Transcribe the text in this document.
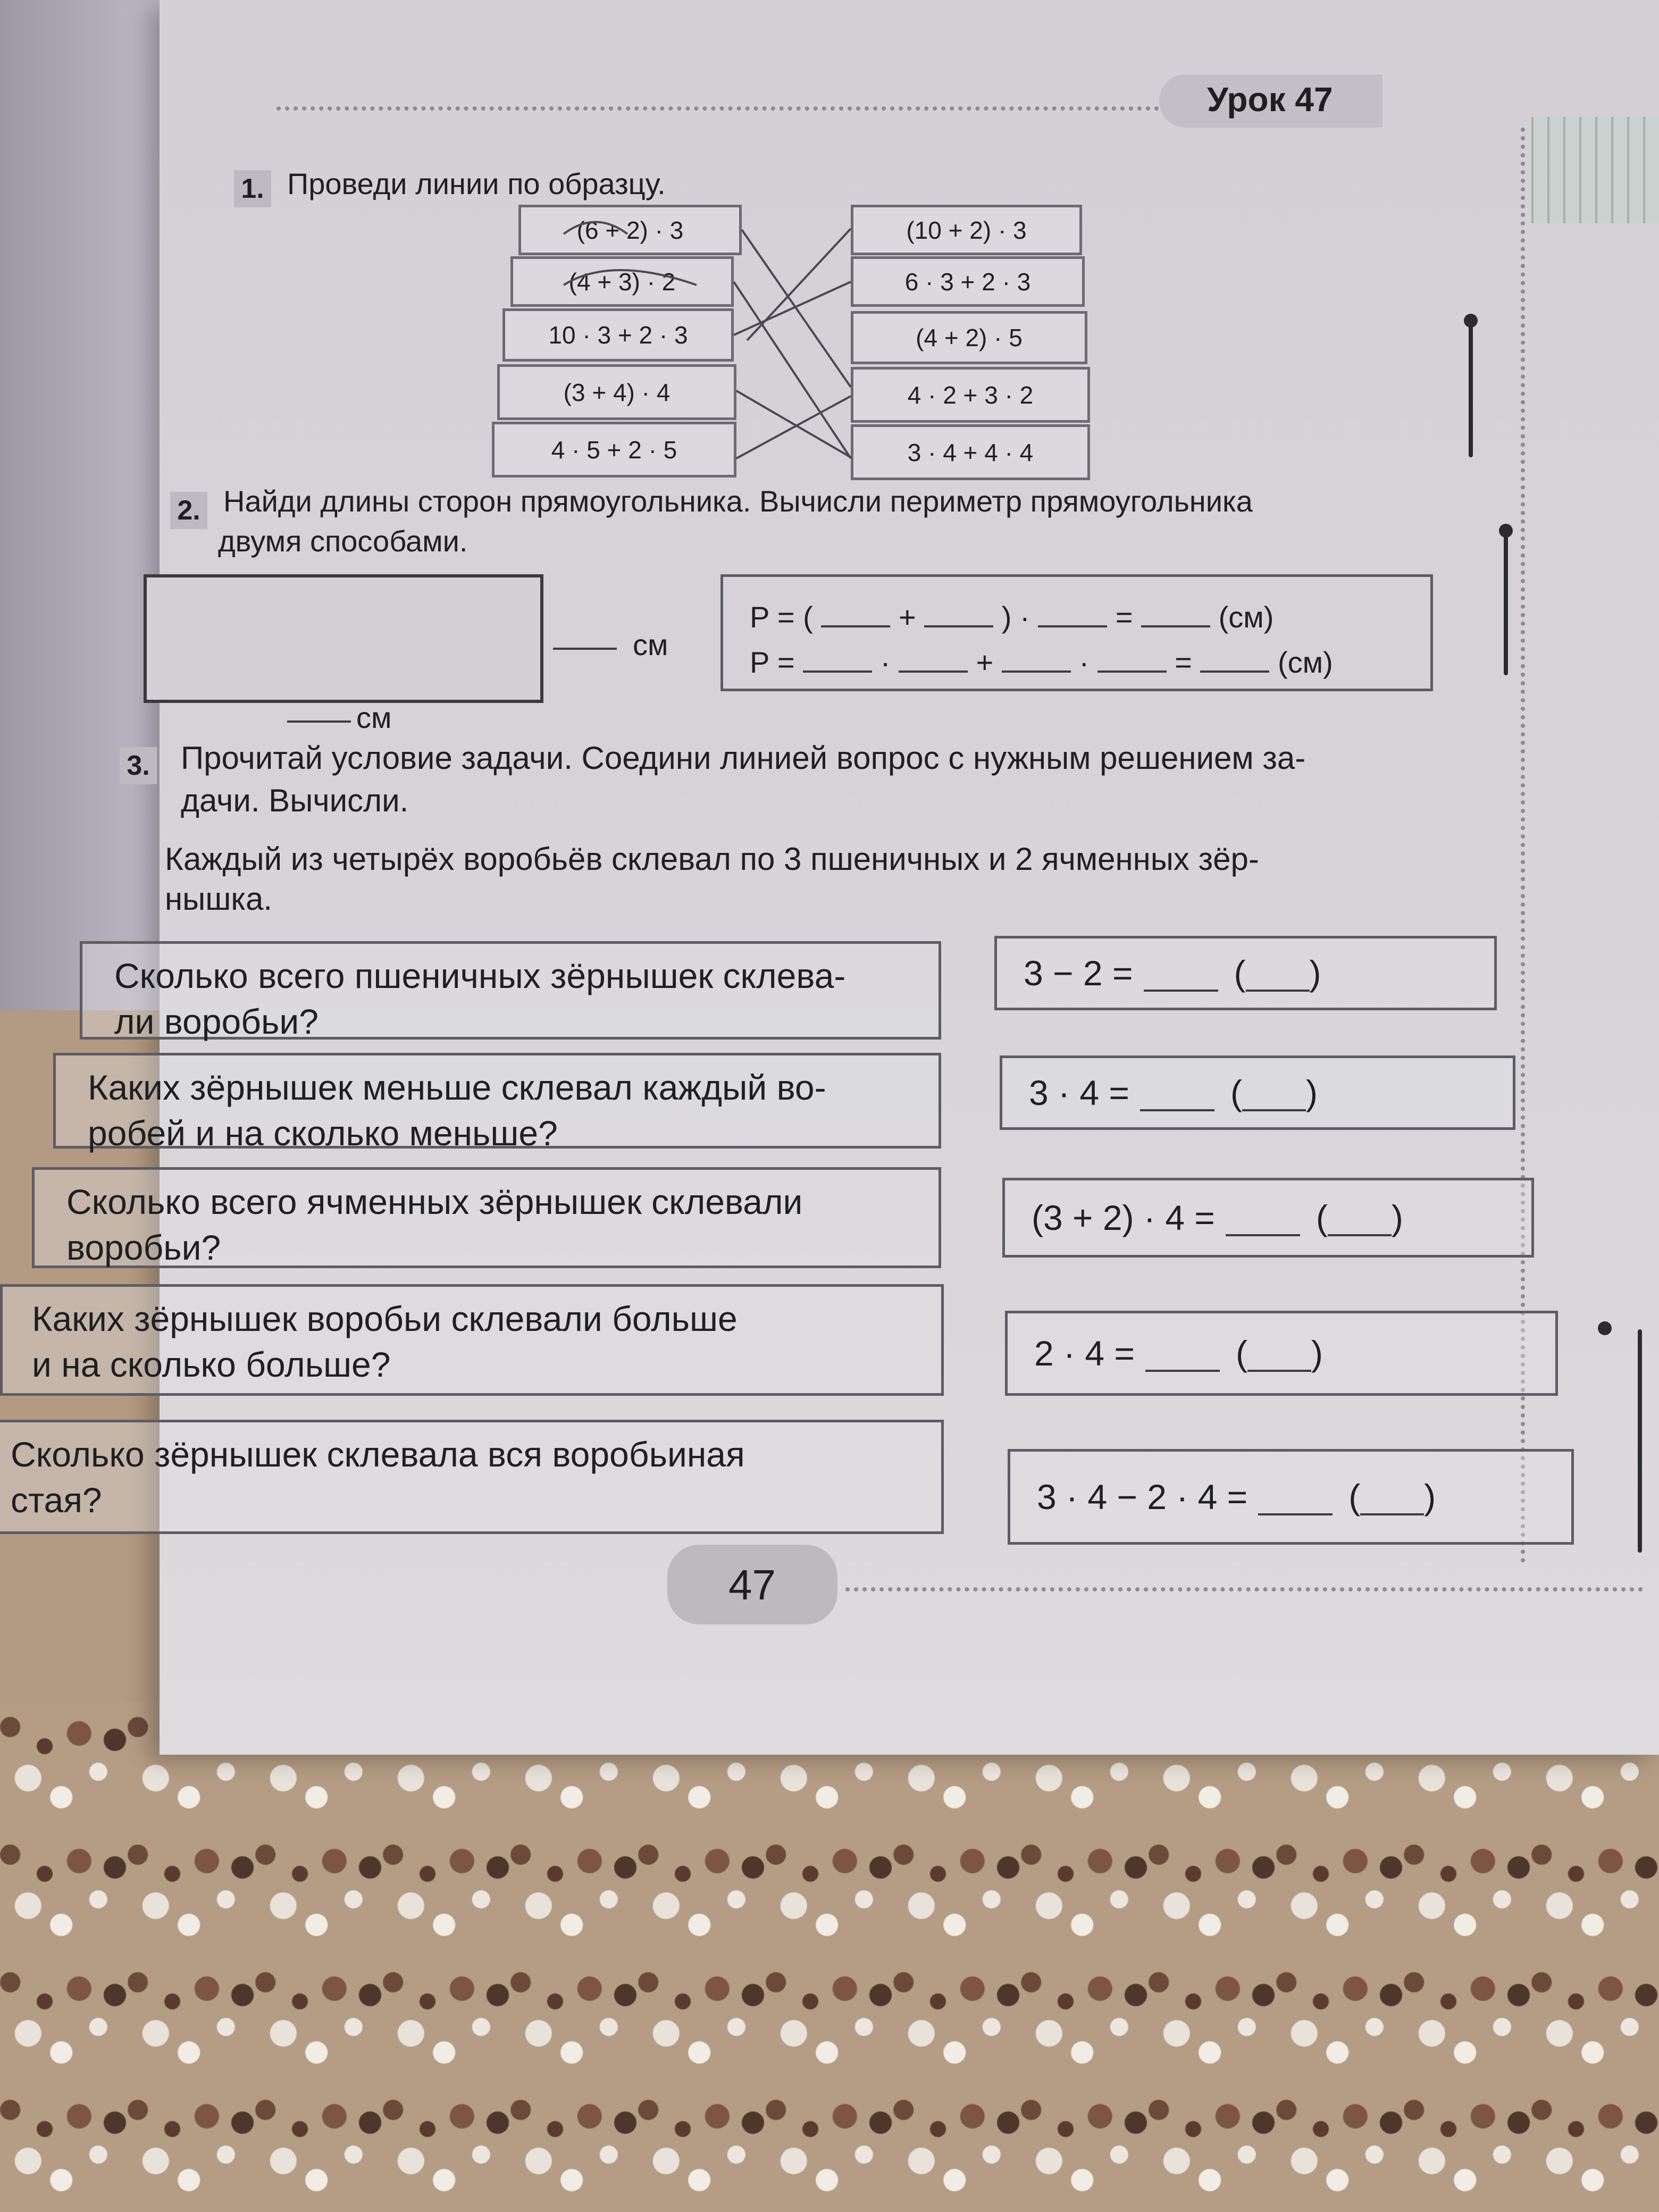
Урок 47
1. Проведи линии по образцу.
(6 + 2) · 3
(4 + 3) · 2
10 · 3 + 2 · 3
(3 + 4) · 4
4 · 5 + 2 · 5
(10 + 2) · 3
6 · 3 + 2 · 3
(4 + 2) · 5
4 · 2 + 3 · 2
3 · 4 + 4 · 4
2. Найди длины сторон прямоугольника. Вычисли периметр прямоугольника
двумя способами.
см
см
P = (	+	) ·	=	(см)
P =	·	+	·	=	(см)
3. Прочитай условие задачи. Соедини линией вопрос с нужным решением за-
дачи. Вычисли.
Каждый из четырёх воробьёв склевал по 3 пшеничных и 2 ячменных зёр-
нышка.
Сколько всего пшеничных зёрнышек склева-
ли воробьи?
Каких зёрнышек меньше склевал каждый во-
робей и на сколько меньше?
Сколько всего ячменных зёрнышек склевали
воробьи?
Каких зёрнышек воробьи склевали больше
и на сколько больше?
Сколько зёрнышек склевала вся воробьиная
стая?
3 − 2 =	( )
3 · 4 =	( )
(3 + 2) · 4 =	( )
2 · 4 =	( )
3 · 4 − 2 · 4 =	( )
47
